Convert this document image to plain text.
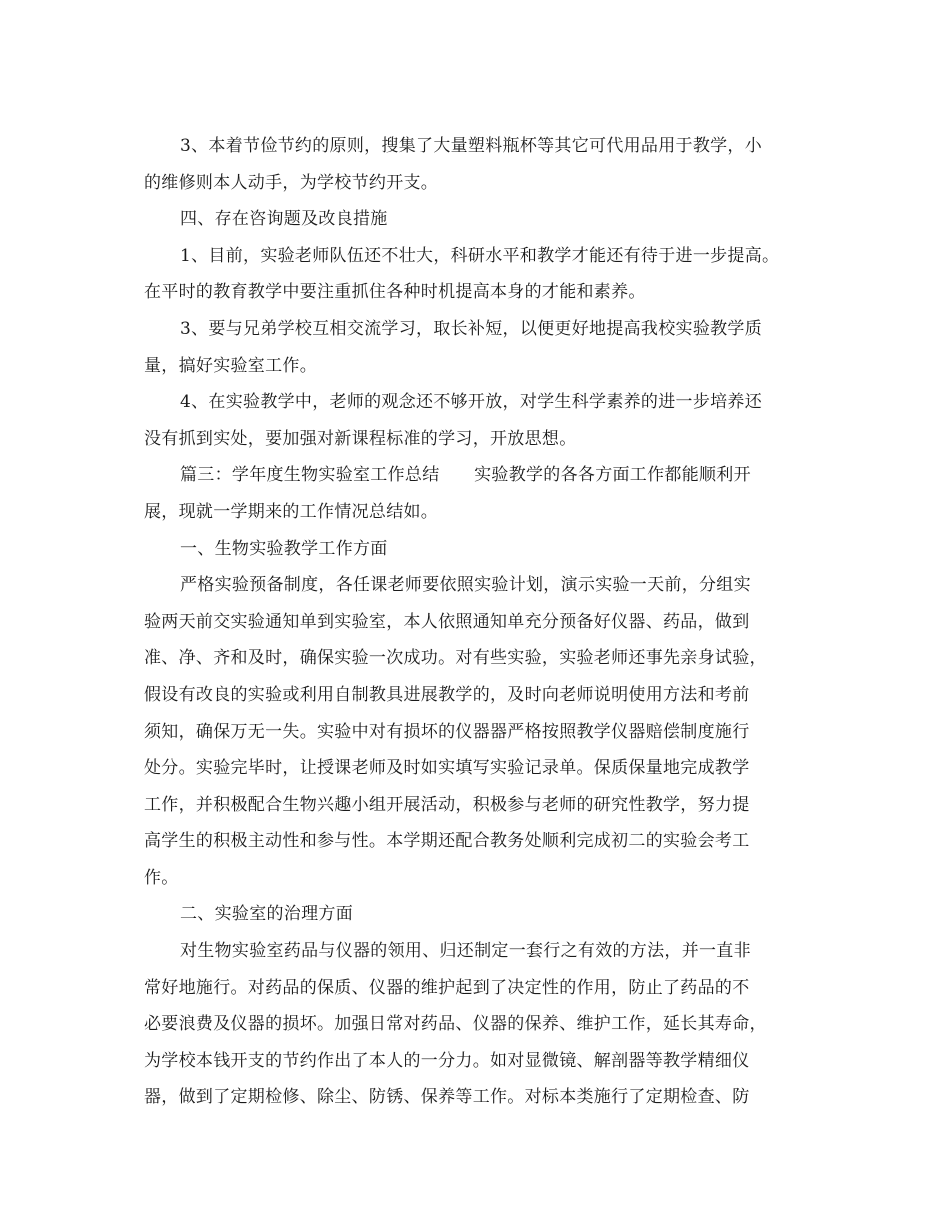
3、本着节俭节约的原则，搜集了大量塑料瓶杯等其它可代用品用于教学，小
的维修则本人动手，为学校节约开支。
四、存在咨询题及改良措施
1、目前，实验老师队伍还不壮大，科研水平和教学才能还有待于进一步提高。
在平时的教育教学中要注重抓住各种时机提高本身的才能和素养。
3、要与兄弟学校互相交流学习，取长补短，以便更好地提高我校实验教学质
量，搞好实验室工作。
4、在实验教学中，老师的观念还不够开放，对学生科学素养的进一步培养还
没有抓到实处，要加强对新课程标准的学习，开放思想。
篇三：学年度生物实验室工作总结　　实验教学的各各方面工作都能顺利开
展，现就一学期来的工作情况总结如。
一、生物实验教学工作方面
严格实验预备制度，各任课老师要依照实验计划，演示实验一天前，分组实
验两天前交实验通知单到实验室，本人依照通知单充分预备好仪器、药品，做到
准、净、齐和及时，确保实验一次成功。对有些实验，实验老师还事先亲身试验，
假设有改良的实验或利用自制教具进展教学的，及时向老师说明使用方法和考前
须知，确保万无一失。实验中对有损坏的仪器器严格按照教学仪器赔偿制度施行
处分。实验完毕时，让授课老师及时如实填写实验记录单。保质保量地完成教学
工作，并积极配合生物兴趣小组开展活动，积极参与老师的研究性教学，努力提
高学生的积极主动性和参与性。本学期还配合教务处顺利完成初二的实验会考工
作。
二、实验室的治理方面
对生物实验室药品与仪器的领用、归还制定一套行之有效的方法，并一直非
常好地施行。对药品的保质、仪器的维护起到了决定性的作用，防止了药品的不
必要浪费及仪器的损坏。加强日常对药品、仪器的保养、维护工作，延长其寿命，
为学校本钱开支的节约作出了本人的一分力。如对显微镜、解剖器等教学精细仪
器，做到了定期检修、除尘、防锈、保养等工作。对标本类施行了定期检查、防
